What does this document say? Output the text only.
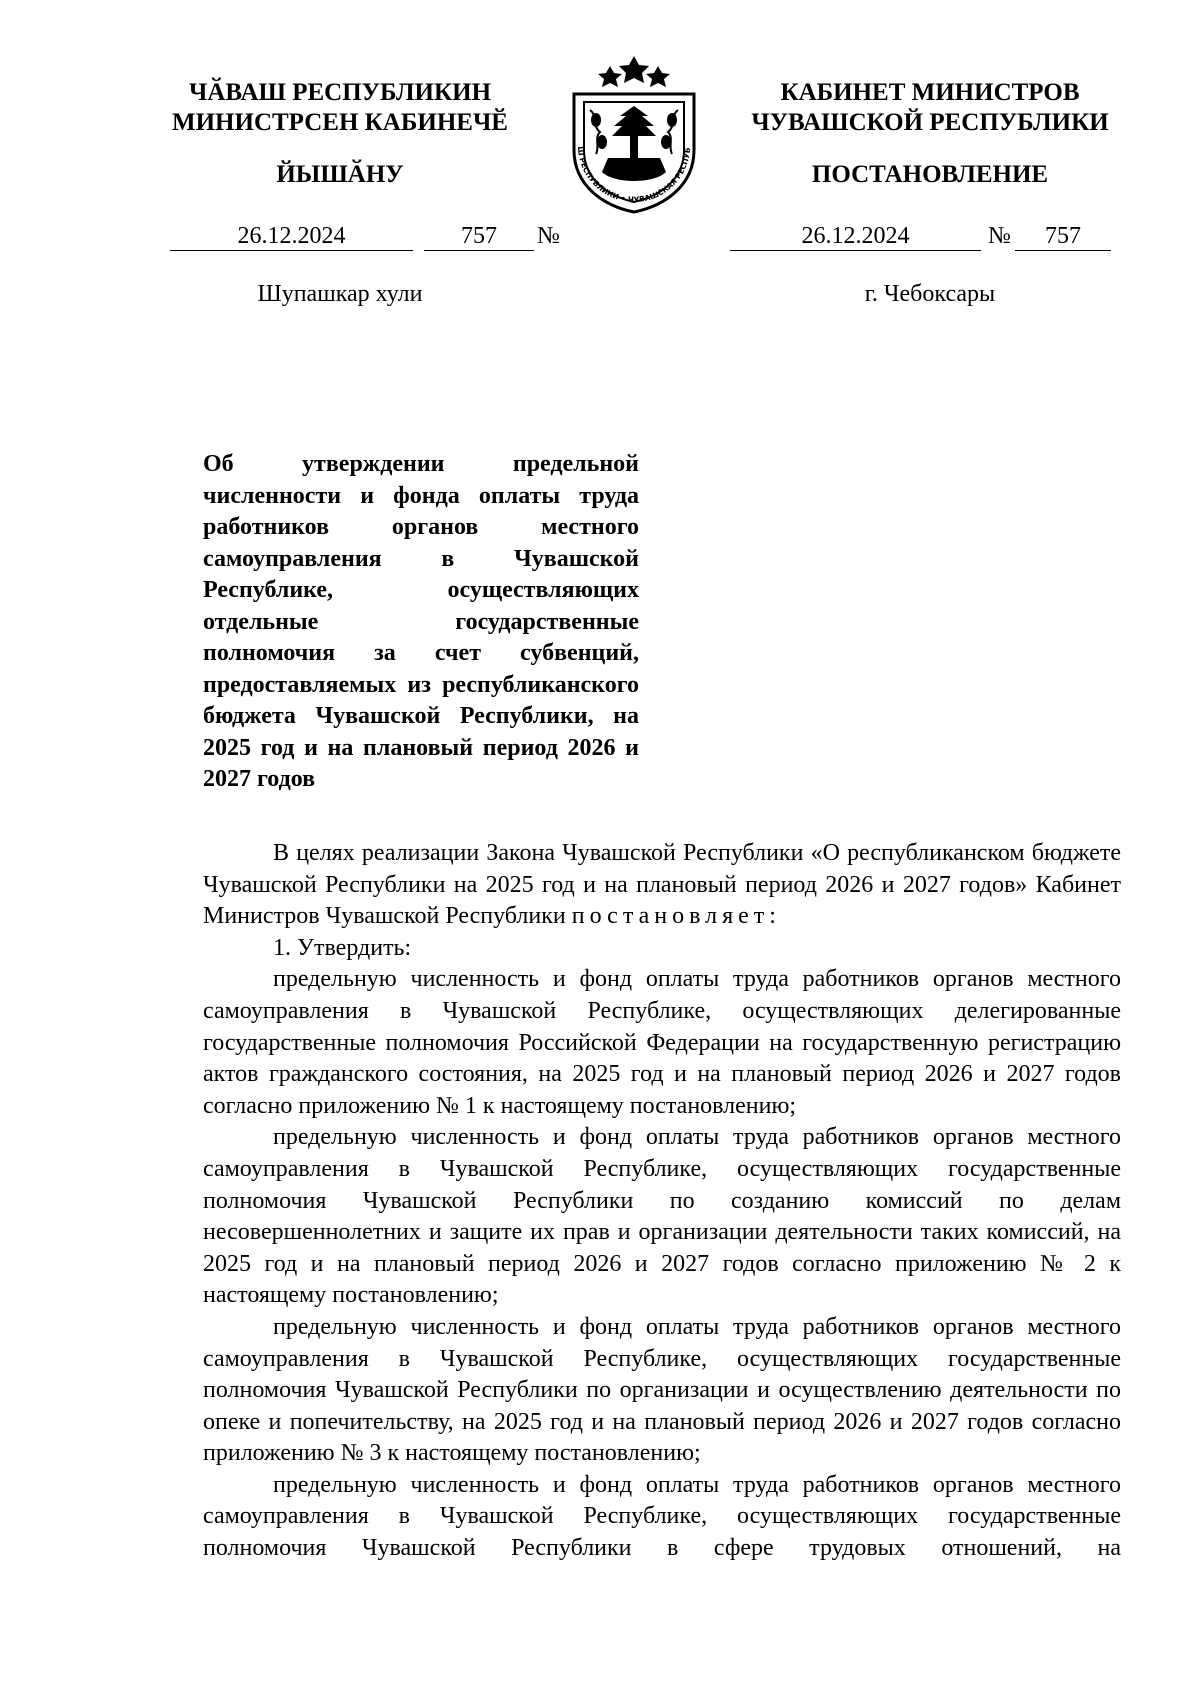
ЧӐВАШ РЕСПУБЛИКИН
МИНИСТРСЕН КАБИНЕЧӖ
ЙЫШӐНУ
26.12.2024	757	№
Шупашкар хули
Ш РЕСПУБЛИКИ • ЧУВАШСКАЯ РЕСПУБ
КАБИНЕТ МИНИСТРОВ
ЧУВАШСКОЙ РЕСПУБЛИКИ
ПОСТАНОВЛЕНИЕ
26.12.2024	№	757
г. Чебоксары
Об утверждении предельной численности и фонда оплаты труда работников органов местного самоуправления в Чувашской Республике, осуществляющих отдельные государственные полномочия за счет субвенций, предоставляемых из республиканского бюджета Чувашской Республики, на 2025 год и на плановый период 2026 и 2027 годов

В целях реализации Закона Чувашской Республики «О республиканском бюджете Чувашской Республики на 2025 год и на плановый период 2026 и 2027 годов» Кабинет Министров Чувашской Республики постановляет:

1. Утвердить:

предельную численность и фонд оплаты труда работников органов местного самоуправления в Чувашской Республике, осуществляющих делегированные государственные полномочия Российской Федерации на государственную регистрацию актов гражданского состояния, на 2025 год и на плановый период 2026 и 2027 годов согласно приложению № 1 к настоящему постановлению;

предельную численность и фонд оплаты труда работников органов местного самоуправления в Чувашской Республике, осуществляющих государственные полномочия Чувашской Республики по созданию комиссий по делам несовершеннолетних и защите их прав и организации деятельности таких комиссий, на 2025 год и на плановый период 2026 и 2027 годов согласно приложению № 2 к настоящему постановлению;

предельную численность и фонд оплаты труда работников органов местного самоуправления в Чувашской Республике, осуществляющих государственные полномочия Чувашской Республики по организации и осуществлению деятельности по опеке и попечительству, на 2025 год и на плановый период 2026 и 2027 годов согласно приложению № 3 к настоящему постановлению;

предельную численность и фонд оплаты труда работников органов местного самоуправления в Чувашской Республике, осуществляющих государственные полномочия Чувашской Республики в сфере трудовых отношений, на
